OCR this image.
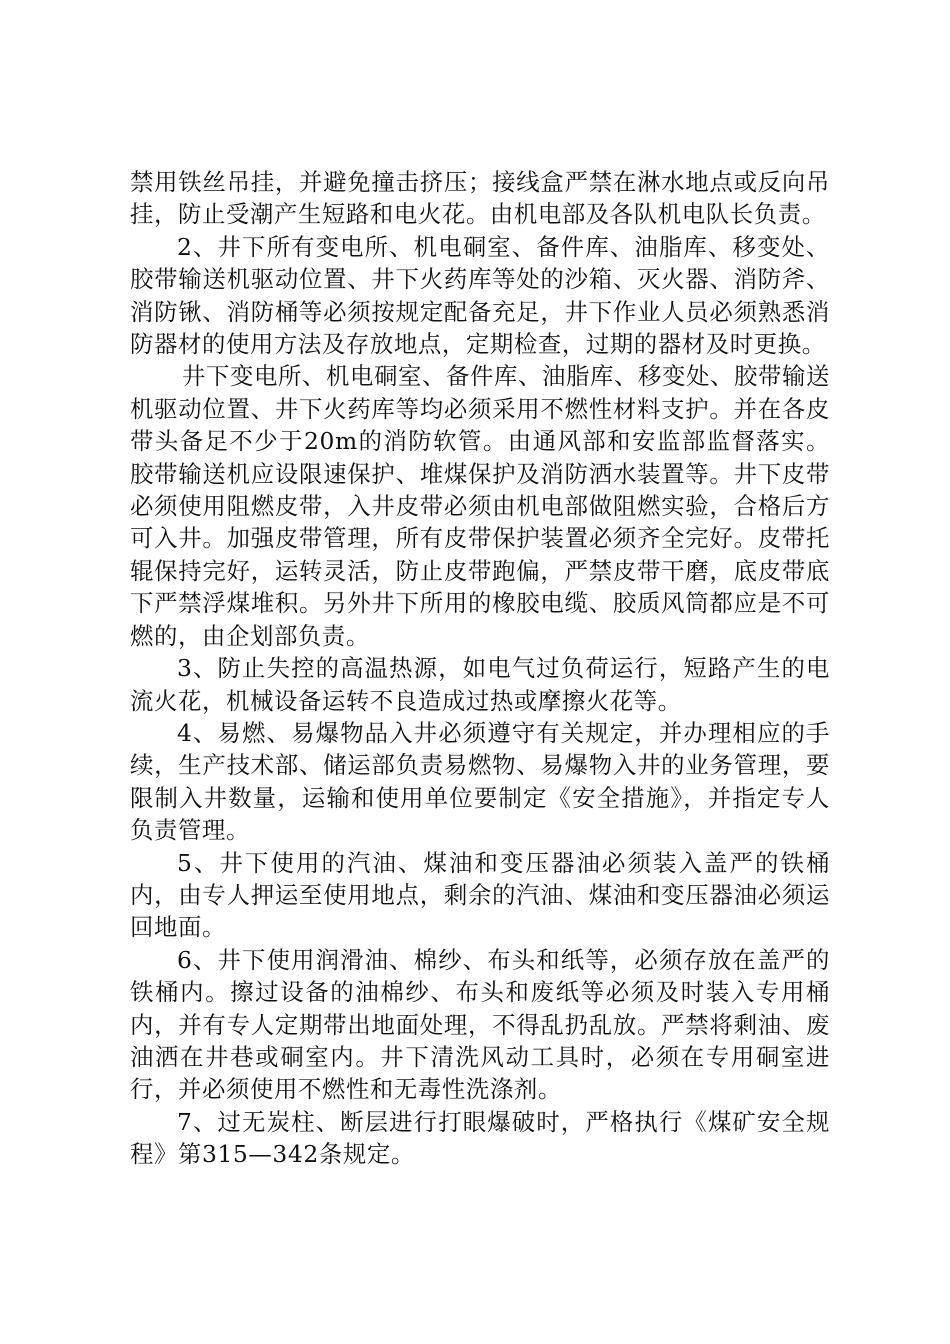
禁用铁丝吊挂，并避免撞击挤压；接线盒严禁在淋水地点或反向吊挂，防止受潮产生短路和电火花。由机电部及各队机电队长负责。

2、井下所有变电所、机电硐室、备件库、油脂库、移变处、胶带输送机驱动位置、井下火药库等处的沙箱、灭火器、消防斧、消防锹、消防桶等必须按规定配备充足，井下作业人员必须熟悉消防器材的使用方法及存放地点，定期检查，过期的器材及时更换。

井下变电所、机电硐室、备件库、油脂库、移变处、胶带输送机驱动位置、井下火药库等均必须采用不燃性材料支护。并在各皮带头备足不少于20m的消防软管。由通风部和安监部监督落实。胶带输送机应设限速保护、堆煤保护及消防洒水装置等。井下皮带必须使用阻燃皮带，入井皮带必须由机电部做阻燃实验，合格后方可入井。加强皮带管理，所有皮带保护装置必须齐全完好。皮带托辊保持完好，运转灵活，防止皮带跑偏，严禁皮带干磨，底皮带底下严禁浮煤堆积。另外井下所用的橡胶电缆、胶质风筒都应是不可燃的，由企划部负责。

3、防止失控的高温热源，如电气过负荷运行，短路产生的电流火花，机械设备运转不良造成过热或摩擦火花等。

4、易燃、易爆物品入井必须遵守有关规定，并办理相应的手续，生产技术部、储运部负责易燃物、易爆物入井的业务管理，要限制入井数量，运输和使用单位要制定《安全措施》，并指定专人负责管理。

5、井下使用的汽油、煤油和变压器油必须装入盖严的铁桶内，由专人押运至使用地点，剩余的汽油、煤油和变压器油必须运回地面。

6、井下使用润滑油、棉纱、布头和纸等，必须存放在盖严的铁桶内。擦过设备的油棉纱、布头和废纸等必须及时装入专用桶内，并有专人定期带出地面处理，不得乱扔乱放。严禁将剩油、废油洒在井巷或硐室内。井下清洗风动工具时，必须在专用硐室进行，并必须使用不燃性和无毒性洗涤剂。

7、过无炭柱、断层进行打眼爆破时，严格执行《煤矿安全规程》第315—342条规定。
